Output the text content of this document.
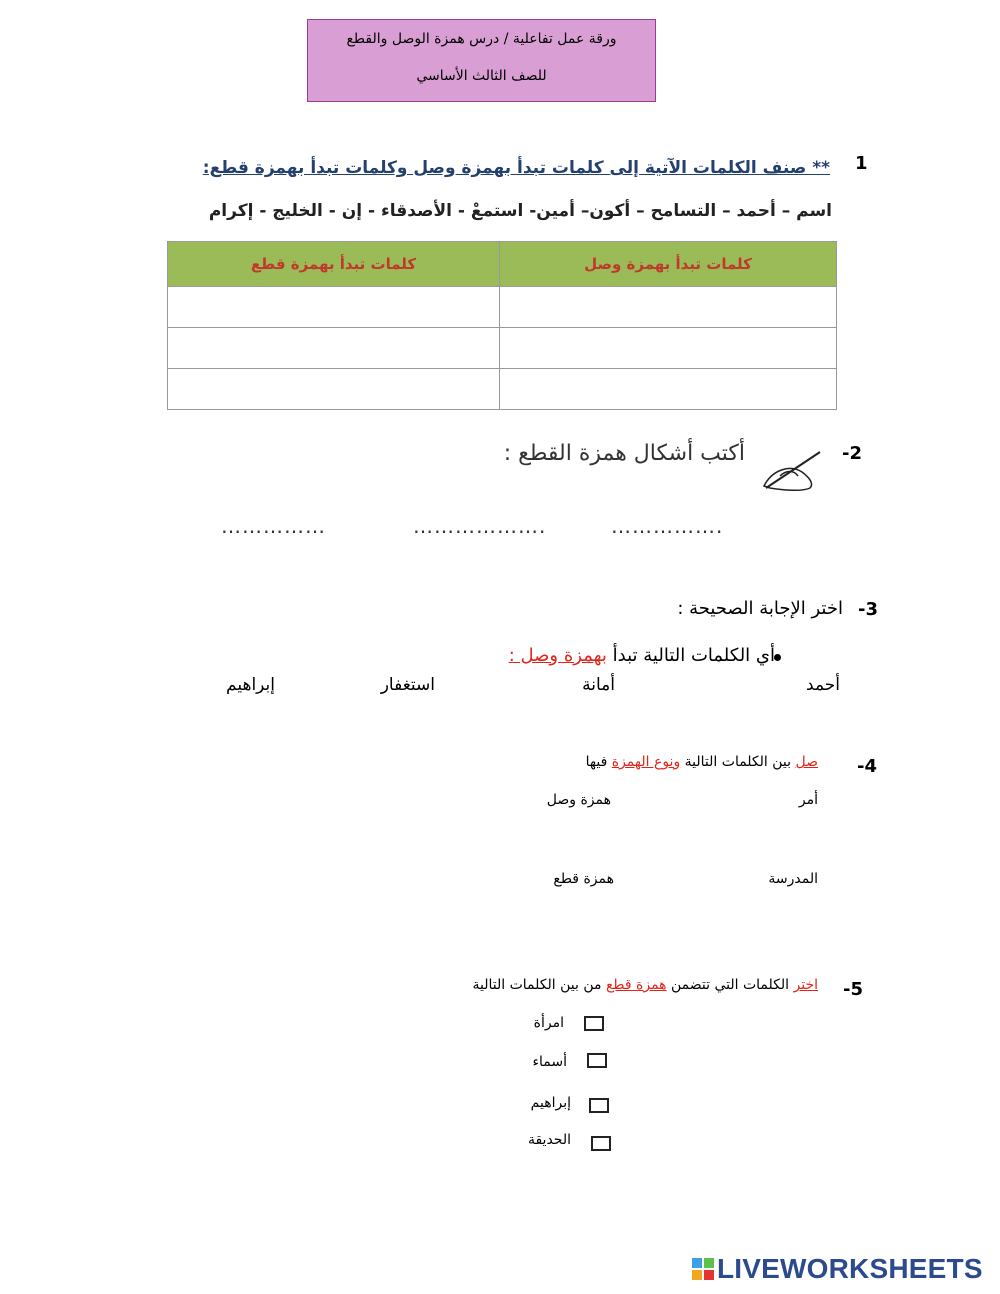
ورقة عمل تفاعلية / درس همزة الوصل والقطع
للصف الثالث الأساسي
1
** صنف الكلمات الآتية إلى كلمات تبدأ بهمزة وصل وكلمات تبدأ بهمزة قطع:
اسم – أحمد – التسامح – أكون– أمين- استمعْ - الأصدقاء - إن - الخليج - إكرام
كلمات تبدأ بهمزة قطع	كلمات تبدأ بهمزة وصل

-2
أكتب أشكال همزة القطع :
…………….
……………….
……………
-3
اختر الإجابة الصحيحة :
أي الكلمات التالية تبدأ بهمزة وصل :
أحمد
أمانة
استغفار
إبراهيم
-4
صل بين الكلمات التالية ونوع الهمزة فيها
أمر
المدرسة
همزة وصل
همزة قطع
-5
اختر الكلمات التي تتضمن همزة قطع من بين الكلمات التالية
امرأة
أسماء
إبراهيم
الحديقة
LIVEWORKSHEETS
